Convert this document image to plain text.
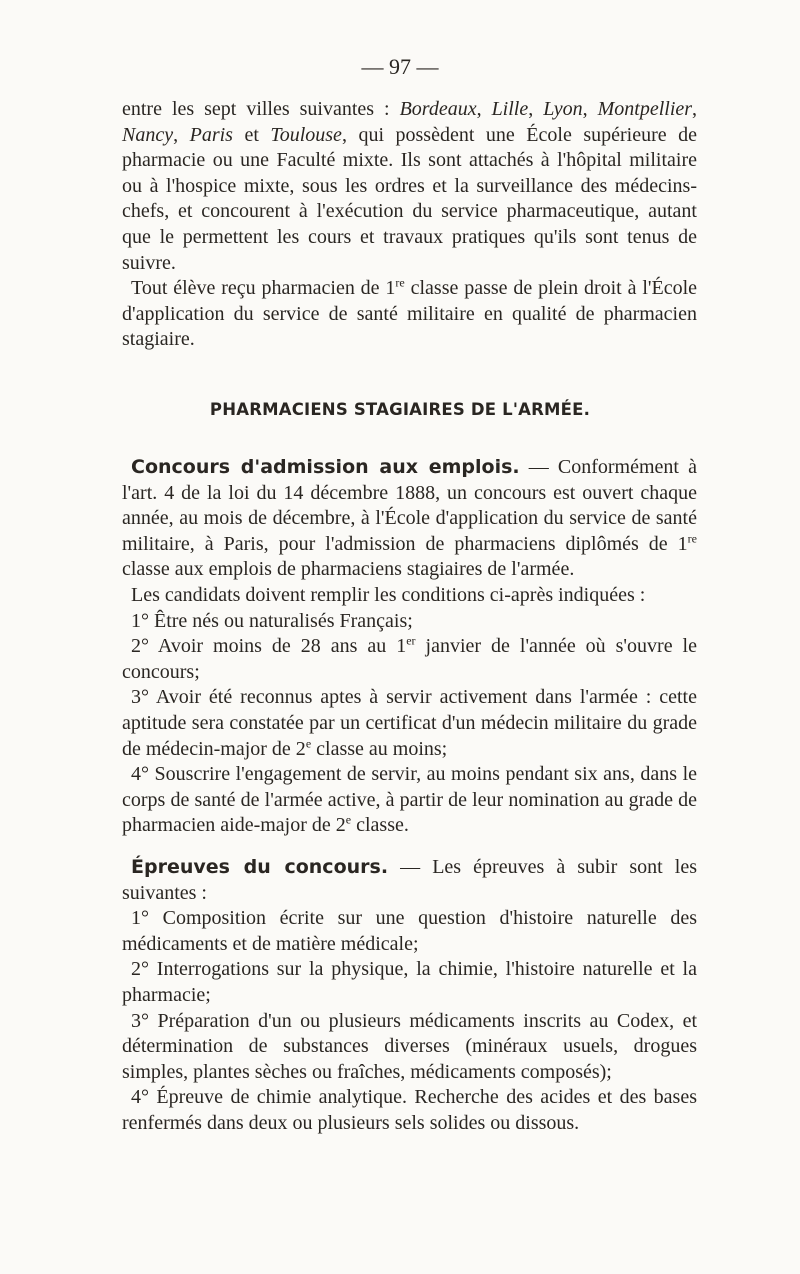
— 97 —

entre les sept villes suivantes : Bordeaux, Lille, Lyon, Montpellier, Nancy, Paris et Toulouse, qui possèdent une École supérieure de pharmacie ou une Faculté mixte. Ils sont attachés à l'hôpital militaire ou à l'hospice mixte, sous les ordres et la surveillance des médecins-chefs, et concourent à l'exécution du service pharmaceutique, autant que le permettent les cours et travaux pratiques qu'ils sont tenus de suivre.

Tout élève reçu pharmacien de 1re classe passe de plein droit à l'École d'application du service de santé militaire en qualité de pharmacien stagiaire.

PHARMACIENS STAGIAIRES DE L'ARMÉE.

Concours d'admission aux emplois. — Conformément à l'art. 4 de la loi du 14 décembre 1888, un concours est ouvert chaque année, au mois de décembre, à l'École d'application du service de santé militaire, à Paris, pour l'admission de pharmaciens diplômés de 1re classe aux emplois de pharmaciens stagiaires de l'armée.

Les candidats doivent remplir les conditions ci-après indiquées :

1° Être nés ou naturalisés Français;

2° Avoir moins de 28 ans au 1er janvier de l'année où s'ouvre le concours;

3° Avoir été reconnus aptes à servir activement dans l'armée : cette aptitude sera constatée par un certificat d'un médecin militaire du grade de médecin-major de 2e classe au moins;

4° Souscrire l'engagement de servir, au moins pendant six ans, dans le corps de santé de l'armée active, à partir de leur nomination au grade de pharmacien aide-major de 2e classe.

Épreuves du concours. — Les épreuves à subir sont les suivantes :

1° Composition écrite sur une question d'histoire naturelle des médicaments et de matière médicale;

2° Interrogations sur la physique, la chimie, l'histoire naturelle et la pharmacie;

3° Préparation d'un ou plusieurs médicaments inscrits au Codex, et détermination de substances diverses (minéraux usuels, drogues simples, plantes sèches ou fraîches, médicaments composés);

4° Épreuve de chimie analytique. Recherche des acides et des bases renfermés dans deux ou plusieurs sels solides ou dissous.
